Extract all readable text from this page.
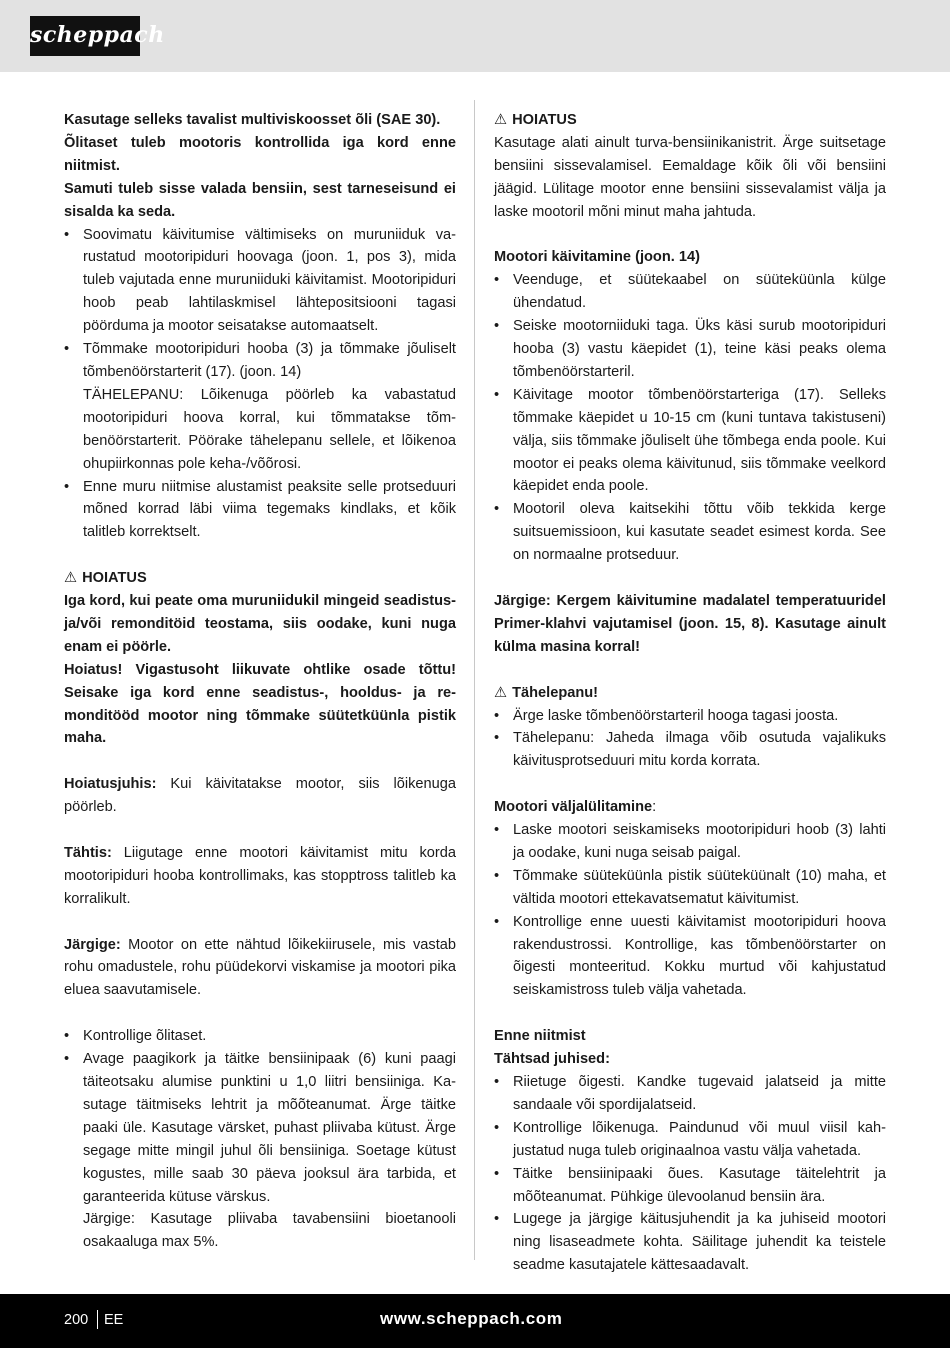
scheppach

Kasutage selleks tavalist multiviskoosset õli (SAE 30).

Õlitaset tuleb mootoris kontrollida iga kord enne niitmist.

Samuti tuleb sisse valada bensiin, sest tarneseisund ei sisalda ka seda.

• Soovimatu käivitumise vältimiseks on muruniiduk varustatud mootoripiduri hoovaga (joon. 1, pos 3), mida tuleb vajutada enne muruniiduki käivitamist. Mootoripiduri hoob peab lahtilaskmisel lähtepositsiooni tagasi pöörduma ja mootor seisatakse automaatselt.
• Tõmmake mootoripiduri hooba (3) ja tõmmake jõuliselt tõmbenöörstarterit (17). (joon. 14)
TÄHELEPANU: Lõikenuga pöörleb ka vabastatud mootoripiduri hoova korral, kui tõmmatakse tõmbenöörstarterit. Pöörake tähelepanu sellele, et lõikenoa ohupiirkonnas pole keha-/võõrosi.
• Enne muru niitmise alustamist peaksite selle protseduuri mõned korrad läbi viima tegemaks kindlaks, et kõik talitleb korrektselt.

⚠ HOIATUS

Iga kord, kui peate oma muruniidukil mingeid seadistus- ja/või remonditöid teostama, siis oodake, kuni nuga enam ei pöörle.

Hoiatus! Vigastusoht liikuvate ohtlike osade tõttu! Seisake iga kord enne seadistus-, hooldus- ja remonditööd mootor ning tõmmake süütetküünla pistik maha.

Hoiatusjuhis: Kui käivitatakse mootor, siis lõikenuga pöörleb.

Tähtis: Liigutage enne mootori käivitamist mitu korda mootoripiduri hooba kontrollimaks, kas stopptross talitleb ka korralikult.

Järgige: Mootor on ette nähtud lõikekiirusele, mis vastab rohu omadustele, rohu püüdekorvi viskamise ja mootori pika eluea saavutamisele.

• Kontrollige õlitaset.
• Avage paagikork ja täitke bensiinipaak (6) kuni paagi täiteotsaku alumise punktini u 1,0 liitri bensiiniga. Kasutage täitmiseks lehtrit ja mõõteanumat. Ärge täitke paaki üle. Kasutage värsket, puhast pliivaba kütust. Ärge segage mitte mingil juhul õli bensiiniga. Soetage kütust kogustes, mille saab 30 päeva jooksul ära tarbida, et garanteerida kütuse värskus.
Järgige: Kasutage pliivaba tavabensiini bioetanooli osakaaluga max 5%.

⚠ HOIATUS

Kasutage alati ainult turva-bensiinikanistrit. Ärge suitsetage bensiini sissevalamisel. Eemaldage kõik õli või bensiini jäägid. Lülitage mootor enne bensiini sissevalamist välja ja laske mootoril mõni minut maha jahtuda.

Mootori käivitamine (joon. 14)

• Veenduge, et süütekaabel on süüteküünla külge ühendatud.
• Seiske mootorniiduki taga. Üks käsi surub mootoripiduri hooba (3) vastu käepidet (1), teine käsi peaks olema tõmbenöörstarteril.
• Käivitage mootor tõmbenöörstarteriga (17). Selleks tõmmake käepidet u 10-15 cm (kuni tuntava takistuseni) välja, siis tõmmake jõuliselt ühe tõmbega enda poole. Kui mootor ei peaks olema käivitunud, siis tõmmake veelkord käepidet enda poole.
• Mootoril oleva kaitsekihi tõttu võib tekkida kerge suitsuemissioon, kui kasutate seadet esimest korda. See on normaalne protseduur.

Järgige: Kergem käivitumine madalatel temperatuuridel Primer-klahvi vajutamisel (joon. 15, 8). Kasutage ainult külma masina korral!

⚠ Tähelepanu!

• Ärge laske tõmbenöörstarteril hooga tagasi joosta.
• Tähelepanu: Jaheda ilmaga võib osutuda vajalikuks käivitusprotseduuri mitu korda korrata.

Mootori väljalülitamine:

• Laske mootori seiskamiseks mootoripiduri hoob (3) lahti ja oodake, kuni nuga seisab paigal.
• Tõmmake süüteküünla pistik süüteküünalt (10) maha, et vältida mootori ettekavatsematut käivitumist.
• Kontrollige enne uuesti käivitamist mootoripiduri hoova rakendustrossi. Kontrollige, kas tõmbenöörstarter on õigesti monteeritud. Kokku murtud või kahjustatud seiskamistross tuleb välja vahetada.

Enne niitmist

Tähtsad juhised:

• Riietuge õigesti. Kandke tugevaid jalatseid ja mitte sandaale või spordijalatseid.
• Kontrollige lõikenuga. Paindunud või muul viisil kahjustatud nuga tuleb originaalnoa vastu välja vahetada.
• Täitke bensiinipaaki õues. Kasutage täitelehtrit ja mõõteanumat. Pühkige ülevoolanud bensiin ära.
• Lugege ja järgige käitusjuhendit ja ka juhiseid mootori ning lisaseadmete kohta. Säilitage juhendit ka teistele seadme kasutajatele kättesaadavalt.
200 EE	www.scheppach.com
